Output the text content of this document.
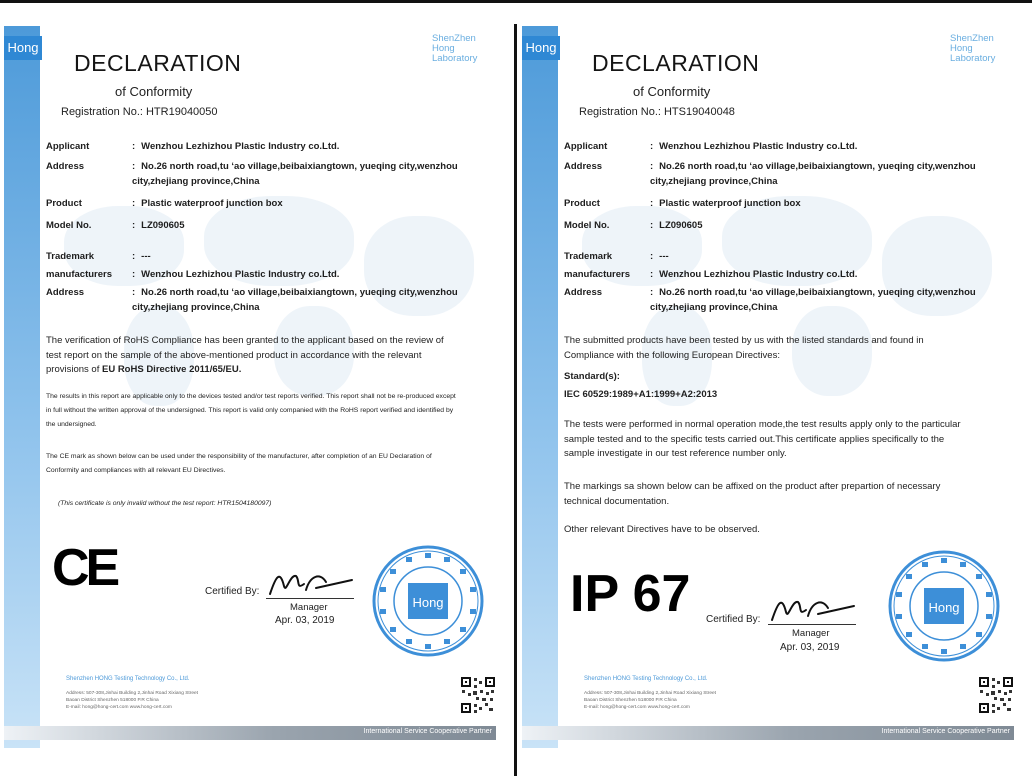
Hong
ShenZhen
Hong
Laboratory
DECLARATION
of Conformity
Registration No.: HTR19040050
Applicant	: Wenzhou Lezhizhou Plastic Industry co.Ltd.
Address	: No.26 north road,tu ‘ao village,beibaixiangtown, yueqing city,wenzhou city,zhejiang province,China
Product	: Plastic waterproof junction box
Model No.	: LZ090605
Trademark	: ---
manufacturers : Wenzhou Lezhizhou Plastic Industry co.Ltd.
Address	: No.26 north road,tu ‘ao village,beibaixiangtown, yueqing city,wenzhou city,zhejiang province,China
The verification of RoHS Compliance has been granted to the applicant based on the review of test report on the sample of the above-mentioned product in accordance with the relevant provisions of EU RoHS Directive 2011/65/EU.
The results in this report are applicable only to the devices tested and/or test reports verified. This report shall not be re-produced except in full without the written approval of the undersigned. This report is valid only companied with the RoHS report verified and identified by the undersigned.
The CE mark as shown below can be used under the responsibility of the manufacturer, after completion of an EU Declaration of Conformity and compliances with all relevant EU Directives.
(This certificate is only invalid without the test report: HTR1504180097)
CE	Certified By:
Manager
Apr. 03, 2019
Hong
Shenzhen HONG Testing Technology Co., Ltd.
Address: 507-308,Jinhai Building 2,Jinhai Road Xixiang Street
Baoan District Shenzhen 518000 P.R China
E-mail: hong@hong-cert.com www.hong-cert.com
International Service Cooperative Partner
Hong
ShenZhen
Hong
Laboratory
DECLARATION
of Conformity
Registration No.: HTS19040048
Applicant	: Wenzhou Lezhizhou Plastic Industry co.Ltd.
Address	: No.26 north road,tu ‘ao village,beibaixiangtown, yueqing city,wenzhou city,zhejiang province,China
Product	: Plastic waterproof junction box
Model No.	: LZ090605
Trademark	: ---
manufacturers : Wenzhou Lezhizhou Plastic Industry co.Ltd.
Address	: No.26 north road,tu ‘ao village,beibaixiangtown, yueqing city,wenzhou city,zhejiang province,China
The submitted products have been tested by us with the listed standards and found in Compliance with the following European Directives:
Standard(s):
IEC 60529:1989+A1:1999+A2:2013
The tests were performed in normal operation mode,the test results apply only to the particular sample tested and to the specific tests carried out.This certificate applies specifically to the sample investigate in our test reference number only.
The markings sa shown below can be affixed on the product after prepartion of necessary technical documentation.
Other relevant Directives have to be observed.
IP 67 Certified By:
Manager
Apr. 03, 2019
Hong
Shenzhen HONG Testing Technology Co., Ltd.
Address: 507-308,Jinhai Building 2,Jinhai Road Xixiang Street
Baoan District Shenzhen 518000 P.R China
E-mail: hong@hong-cert.com www.hong-cert.com
International Service Cooperative Partner
